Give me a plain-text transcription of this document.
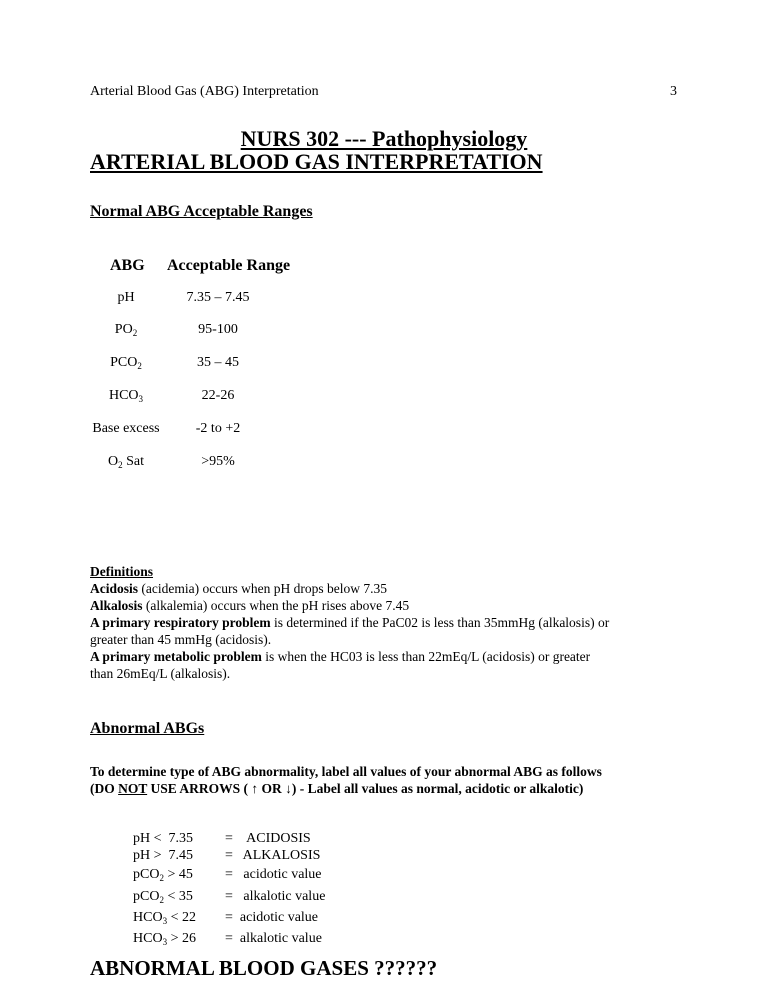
Arterial Blood Gas (ABG) Interpretation	3
NURS 302 --- Pathophysiology
ARTERIAL BLOOD GAS INTERPRETATION
Normal ABG Acceptable Ranges
ABG Acceptable Range
pH	7.35 – 7.45
$PO_2$	95-100
$PCO_2$	35 – 45
$HCO_3$	22-26
Base excess	-2 to +2
$O_2$ Sat	>95%
Definitions
Acidosis (acidemia) occurs when pH drops below 7.35
Alkalosis (alkalemia) occurs when the pH rises above 7.45
A primary respiratory problem is determined if the PaC02 is less than 35mmHg (alkalosis) or
greater than 45 mmHg (acidosis).
A primary metabolic problem is when the HC03 is less than 22mEq/L (acidosis) or greater
than 26mEq/L (alkalosis).
Abnormal ABGs
To determine type of ABG abnormality, label all values of your abnormal ABG as follows
(DO NOT USE ARROWS ( ↑ OR ↓) - Label all values as normal, acidotic or alkalotic)
pH <  7.35 =    ACIDOSIS
pH >  7.45 =   ALKALOSIS
pCO$_2$ > 45 =   acidotic value
pCO$_2$ < 35 =   alkalotic value
$HCO_3 < 22$ =  acidotic value
$HCO_3 > 26$ =  alkalotic value
ABNORMAL BLOOD GASES ??????
